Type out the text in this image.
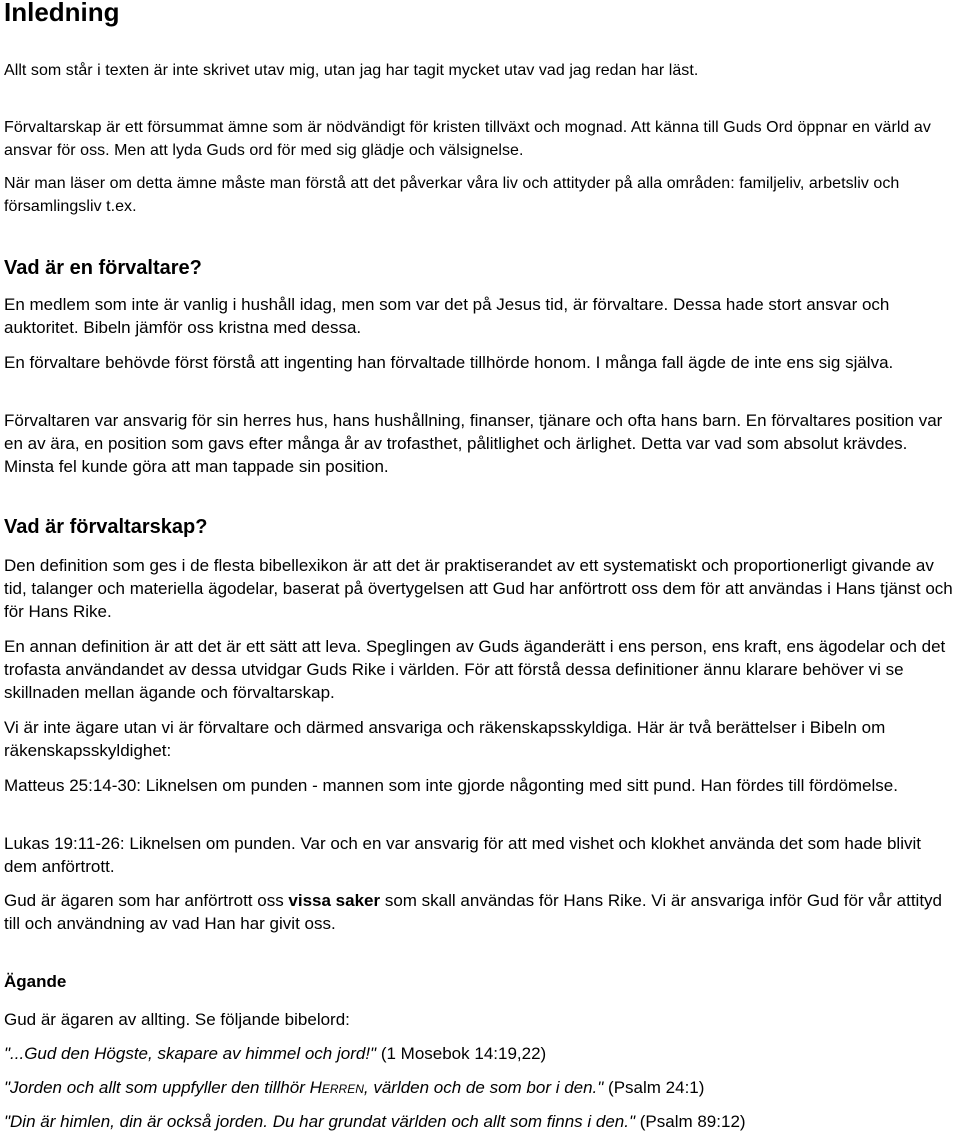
Inledning

Allt som står i texten är inte skrivet utav mig, utan jag har tagit mycket utav vad jag redan har läst.

Förvaltarskap är ett försummat ämne som är nödvändigt för kristen tillväxt och mognad. Att känna till Guds Ord öppnar en värld av ansvar för oss. Men att lyda Guds ord för med sig glädje och välsignelse.

När man läser om detta ämne måste man förstå att det påverkar våra liv och attityder på alla områden: familjeliv, arbetsliv och församlingsliv t.ex.

Vad är en förvaltare?

En medlem som inte är vanlig i hushåll idag, men som var det på Jesus tid, är förvaltare. Dessa hade stort ansvar och auktoritet. Bibeln jämför oss kristna med dessa.

En förvaltare behövde först förstå att ingenting han förvaltade tillhörde honom. I många fall ägde de inte ens sig själva.

Förvaltaren var ansvarig för sin herres hus, hans hushållning, finanser, tjänare och ofta hans barn. En förvaltares position var en av ära, en position som gavs efter många år av trofasthet, pålitlighet och ärlighet. Detta var vad som absolut krävdes. Minsta fel kunde göra att man tappade sin position.

Vad är förvaltarskap?

Den definition som ges i de flesta bibellexikon är att det är praktiserandet av ett systematiskt och proportionerligt givande av tid, talanger och materiella ägodelar, baserat på övertygelsen att Gud har anförtrott oss dem för att användas i Hans tjänst och för Hans Rike.

En annan definition är att det är ett sätt att leva. Speglingen av Guds äganderätt i ens person, ens kraft, ens ägodelar och det trofasta användandet av dessa utvidgar Guds Rike i världen. För att förstå dessa definitioner ännu klarare behöver vi se skillnaden mellan ägande och förvaltarskap.

Vi är inte ägare utan vi är förvaltare och därmed ansvariga och räkenskapsskyldiga. Här är två berättelser i Bibeln om räkenskapsskyldighet:

Matteus 25:14-30: Liknelsen om punden - mannen som inte gjorde någonting med sitt pund. Han fördes till fördömelse.

Lukas 19:11-26: Liknelsen om punden. Var och en var ansvarig för att med vishet och klokhet använda det som hade blivit dem anförtrott.

Gud är ägaren som har anförtrott oss vissa saker som skall användas för Hans Rike. Vi är ansvariga inför Gud för vår attityd till och användning av vad Han har givit oss.

Ägande

Gud är ägaren av allting. Se följande bibelord:

"...Gud den Högste, skapare av himmel och jord!" (1 Mosebok 14:19,22)

"Jorden och allt som uppfyller den tillhör Herren, världen och de som bor i den." (Psalm 24:1)

"Din är himlen, din är också jorden. Du har grundat världen och allt som finns i den." (Psalm 89:12)
